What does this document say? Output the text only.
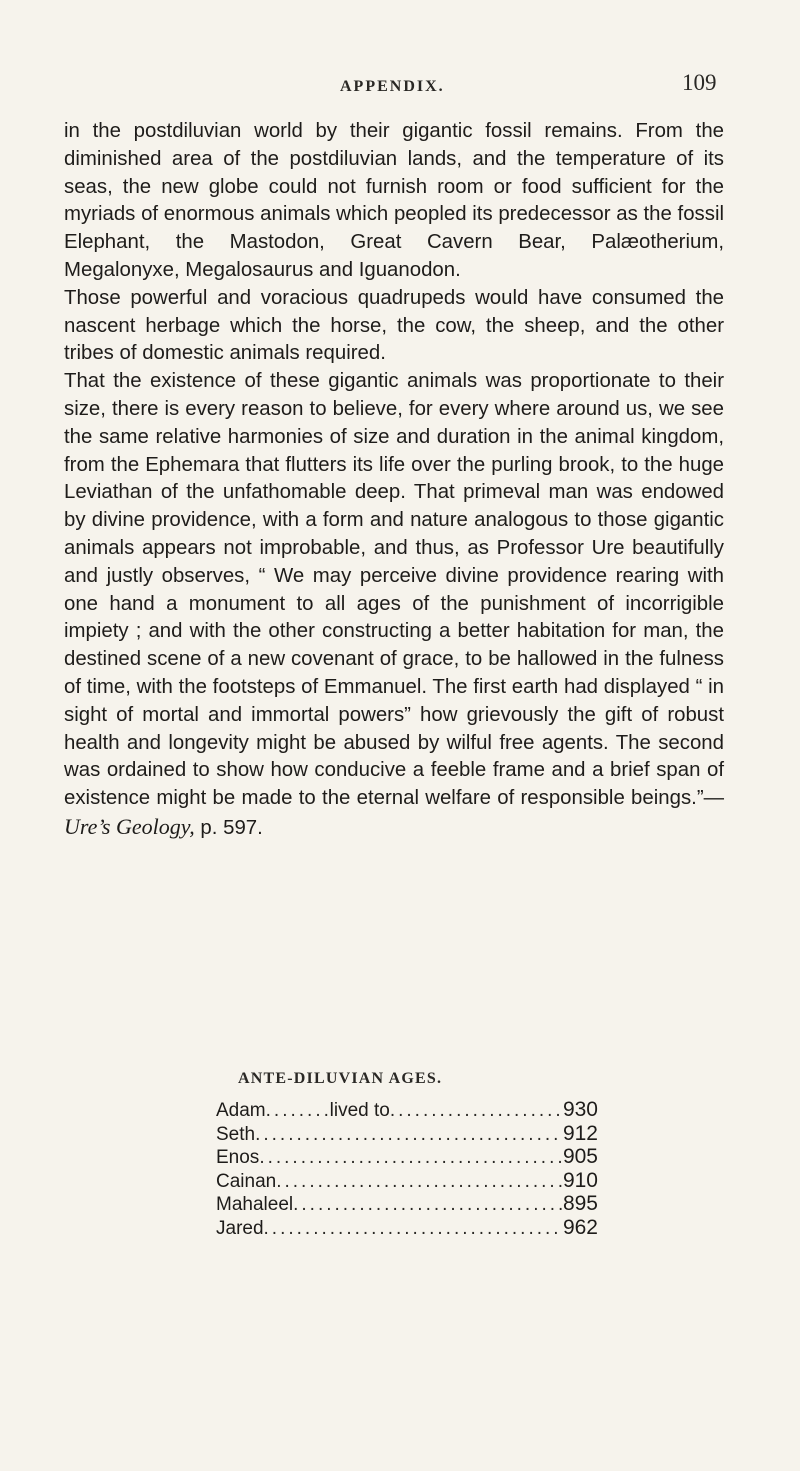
APPENDIX.	109

in the postdiluvian world by their gigantic fossil remains. From the diminished area of the postdiluvian lands, and the temperature of its seas, the new globe could not furnish room or food sufficient for the myriads of enormous animals which peopled its predecessor as the fossil Elephant, the Mastodon, Great Cavern Bear, Palæotherium, Megalonyxe, Megalosaurus and Iguanodon.

Those powerful and voracious quadrupeds would have consumed the nascent herbage which the horse, the cow, the sheep, and the other tribes of domestic animals required.

That the existence of these gigantic animals was proportionate to their size, there is every reason to believe, for every where around us, we see the same relative harmonies of size and duration in the animal kingdom, from the Ephemara that flutters its life over the purling brook, to the huge Leviathan of the unfathomable deep. That primeval man was endowed by divine providence, with a form and nature analogous to those gigantic animals appears not improbable, and thus, as Professor Ure beautifully and justly observes, “ We may perceive divine providence rearing with one hand a monument to all ages of the punishment of incorrigible impiety ; and with the other constructing a better habitation for man, the destined scene of a new covenant of grace, to be hallowed in the fulness of time, with the footsteps of Emmanuel. The first earth had displayed “ in sight of mortal and immortal powers” how grievously the gift of robust health and longevity might be abused by wilful free agents. The second was ordained to show how conducive a feeble frame and a brief span of existence might be made to the eternal welfare of responsible beings.”—Ure’s Geology, p. 597.

ANTE-DILUVIAN AGES.
Adam .....	lived to .....	930
Seth .....	912
Enos .....	905
Cainan .....	910
Mahaleel .....	895
Jared .....	962
